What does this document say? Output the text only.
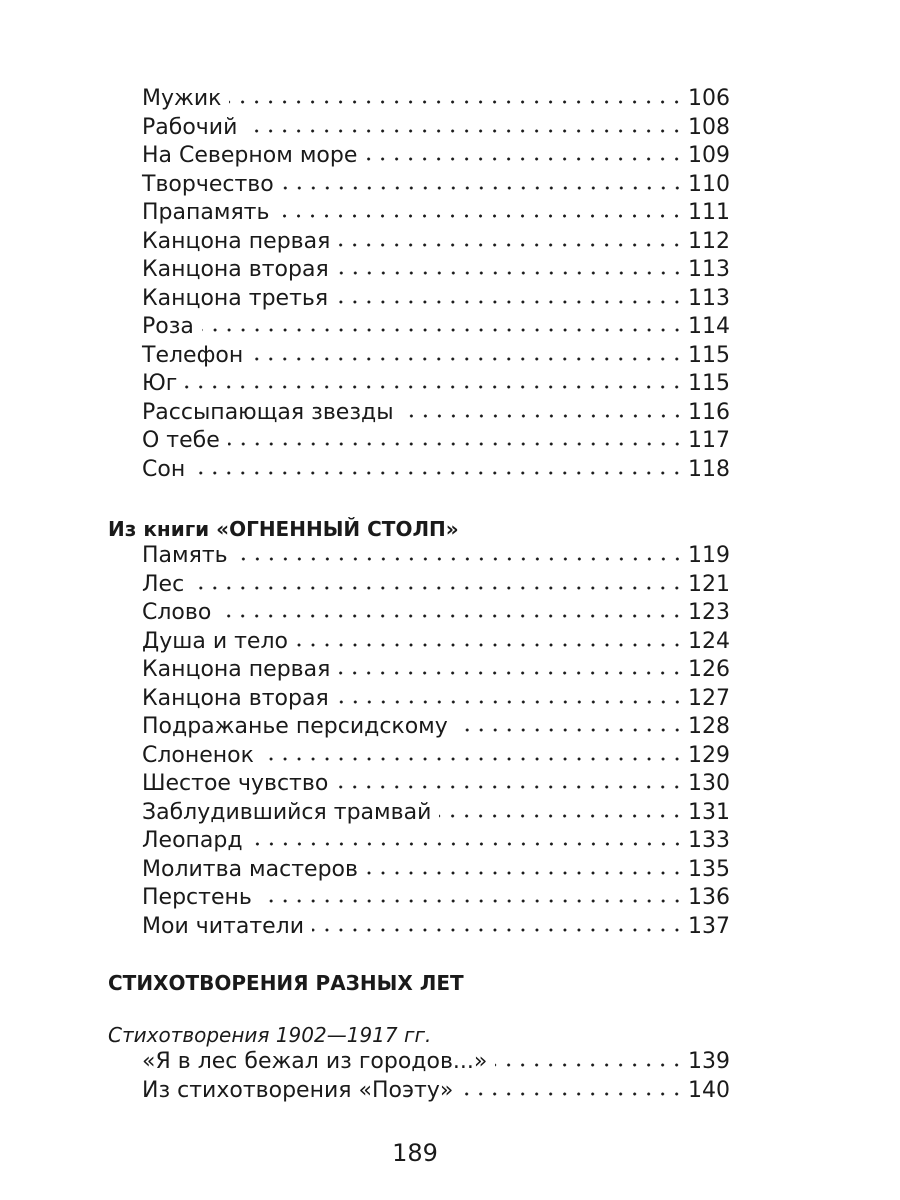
Мужик	106
Рабочий	108
На Северном море	109
Творчество	110
Прапамять	111
Канцона первая	112
Канцона вторая	113
Канцона третья	113
Роза	114
Телефон	115
Юг	115
Рассыпающая звезды	116
О тебе	117
Сон	118
Из книги «ОГНЕННЫЙ СТОЛП»
Память	119
Лес	121
Слово	123
Душа и тело	124
Канцона первая	126
Канцона вторая	127
Подражанье персидскому	128
Слоненок	129
Шестое чувство	130
Заблудившийся трамвай	131
Леопард	133
Молитва мастеров	135
Перстень	136
Мои читатели	137
СТИХОТВОРЕНИЯ РАЗНЫХ ЛЕТ
Стихотворения 1902—1917 гг.
«Я в лес бежал из городов...»	139
Из стихотворения «Поэту»	140
189
